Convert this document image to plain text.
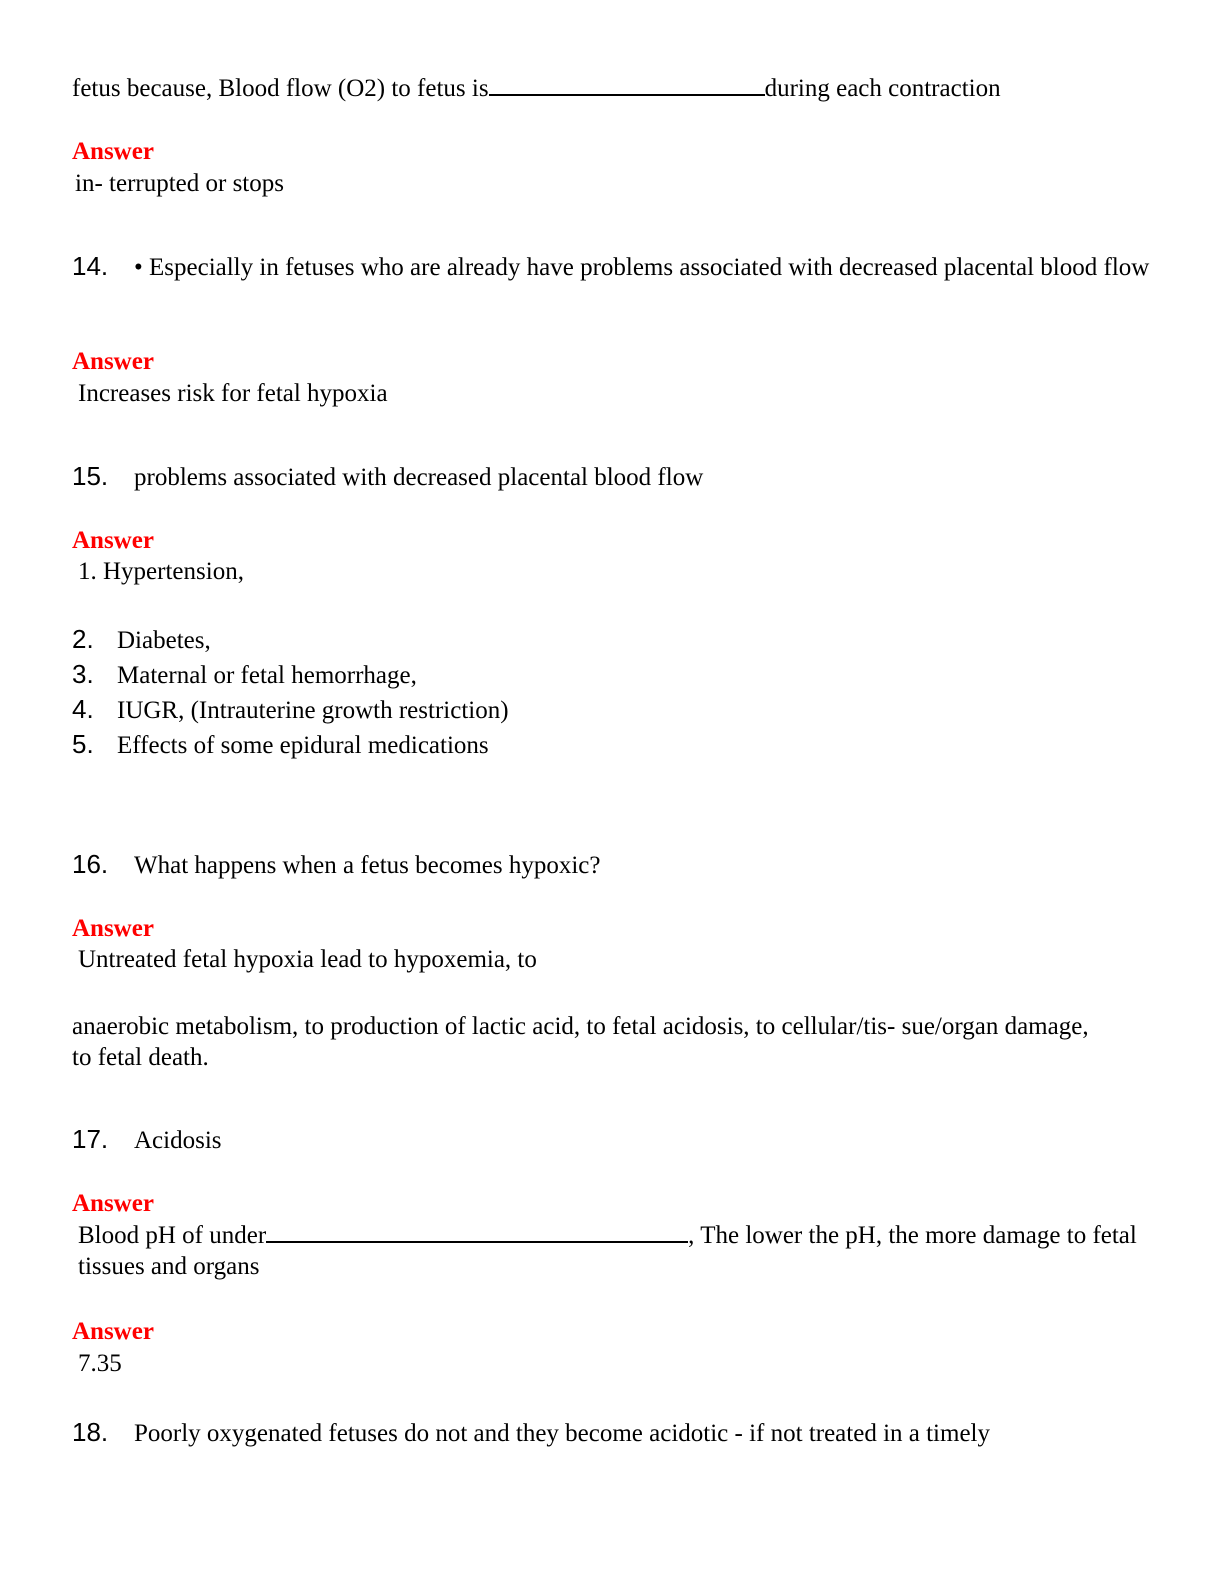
fetus because, Blood flow (O2) to fetus is	during each contraction
Answer
in- terrupted or stops
14. • Especially in fetuses who are already have problems associated with decreased placental blood flow
Answer
Increases risk for fetal hypoxia
15. problems associated with decreased placental blood flow
Answer
1. Hypertension,
2. Diabetes,
3. Maternal or fetal hemorrhage,
4. IUGR, (Intrauterine growth restriction)
5. Effects of some epidural medications
16. What happens when a fetus becomes hypoxic?
Answer
Untreated fetal hypoxia lead to hypoxemia, to
anaerobic metabolism, to production of lactic acid, to fetal acidosis, to cellular/tis- sue/organ damage, to fetal death.
17. Acidosis
Answer
Blood pH of under	, The lower the pH, the more damage to fetal tissues and organs
Answer
7.35
18. Poorly oxygenated fetuses do not and they become acidotic - if not treated in a timely
